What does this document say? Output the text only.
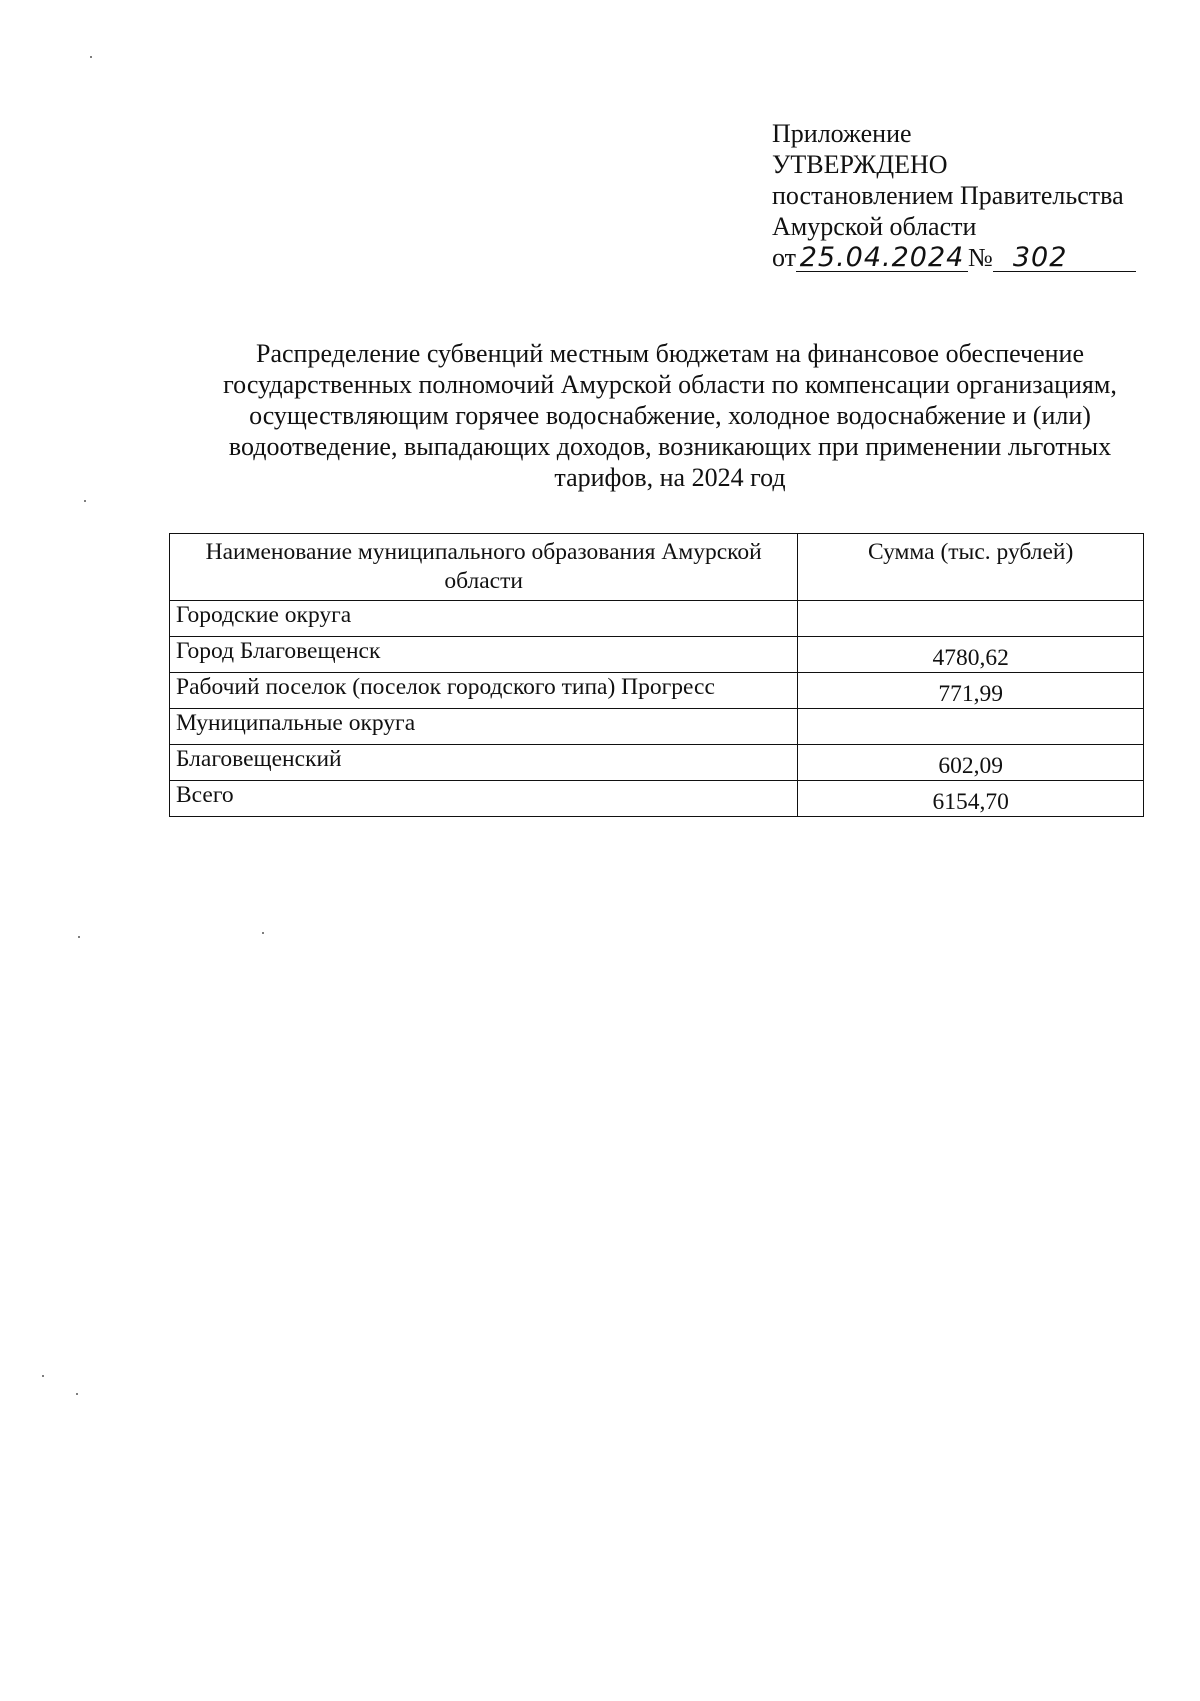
Приложение
УТВЕРЖДЕНО
постановлением Правительства
Амурской области
от 25.04.2024 № 302
Распределение субвенций местным бюджетам на финансовое обеспечение государственных полномочий Амурской области по компенсации организациям, осуществляющим горячее водоснабжение, холодное водоснабжение и (или) водоотведение, выпадающих доходов, возникающих при применении льготных тарифов, на 2024 год
Наименование муниципального образования Амурской области	Сумма (тыс. рублей)
Городские округа	
Город Благовещенск	4780,62
Рабочий поселок (поселок городского типа) Прогресс	771,99
Муниципальные округа	
Благовещенский	602,09
Всего	6154,70
